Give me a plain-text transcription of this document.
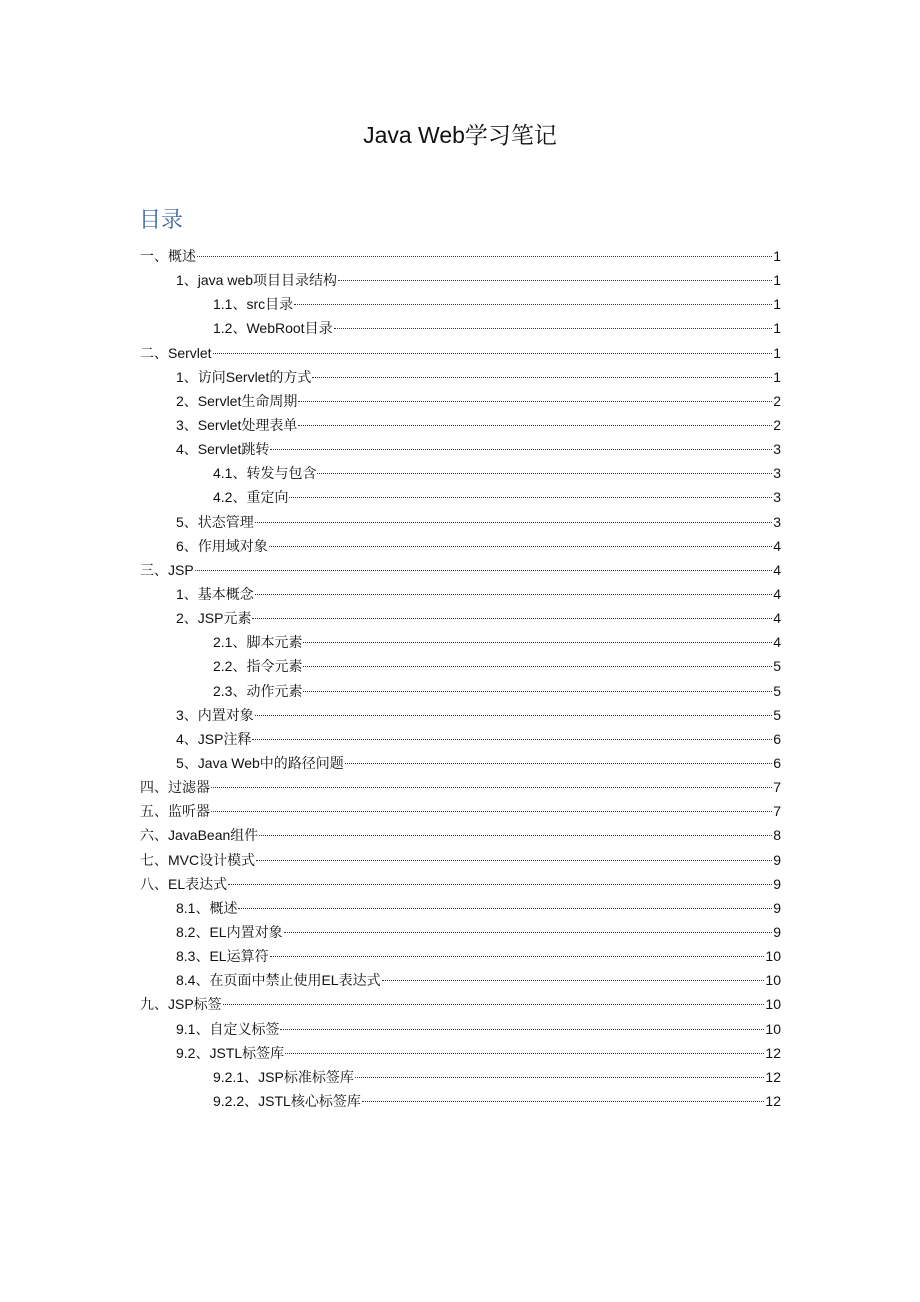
Java Web学习笔记
目录
一、概述	1
1、java web项目目录结构	1
1.1、src目录	1
1.2、WebRoot目录	1
二、Servlet	1
1、访问Servlet的方式	1
2、Servlet生命周期	2
3、Servlet处理表单	2
4、Servlet跳转	3
4.1、转发与包含	3
4.2、重定向	3
5、状态管理	3
6、作用域对象	4
三、JSP	4
1、基本概念	4
2、JSP元素	4
2.1、脚本元素	4
2.2、指令元素	5
2.3、动作元素	5
3、内置对象	5
4、JSP注释	6
5、Java Web中的路径问题	6
四、过滤器	7
五、监听器	7
六、JavaBean组件	8
七、MVC设计模式	9
八、EL表达式	9
8.1、概述	9
8.2、EL内置对象	9
8.3、EL运算符	10
8.4、在页面中禁止使用EL表达式	10
九、JSP标签	10
9.1、自定义标签	10
9.2、JSTL标签库	12
9.2.1、JSP标准标签库	12
9.2.2、JSTL核心标签库	12
